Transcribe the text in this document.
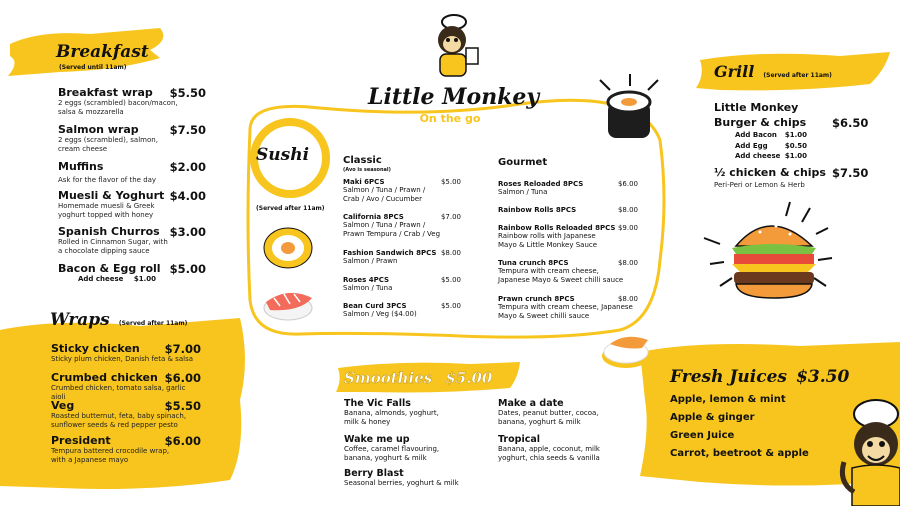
Breakfast
(Served until 11am)
Breakfast wrap	$5.50
2 eggs (scrambled) bacon/macon,
salsa & mozzarella
Salmon wrap	$7.50
2 eggs (scrambled), salmon,
cream cheese
Muffins	$2.00
Ask for the flavor of the day
Muesli & Yoghurt $4.00
Homemade muesli & Greek
yoghurt topped with honey
Spanish Churros $3.00
Rolled in Cinnamon Sugar, with
a chocolate dipping sauce
Bacon & Egg roll $5.00
Add cheese $1.00
Wraps (Served after 11am)
Sticky chicken	$7.00
Sticky plum chicken, Danish feta & salsa
Crumbed chicken $6.00
Crumbed chicken, tomato salsa, garlic aioli
Veg	$5.50
Roasted butternut, feta, baby spinach,
sunflower seeds & red pepper pesto
President	$6.00
Tempura battered crocodile wrap,
with a Japanese mayo
Little Monkey
On the go
Sushi
(Served after 11am)
Classic
(Avo is seasonal)
Maki 6PCS	$5.00
Salmon / Tuna / Prawn /
Crab / Avo / Cucumber
California 8PCS	$7.00
Salmon / Tuna / Prawn /
Prawn Tempura / Crab / Veg
Fashion Sandwich 8PCS $8.00
Salmon / Prawn
Roses 4PCS	$5.00
Salmon / Tuna
Bean Curd 3PCS	$5.00
Salmon / Veg ($4.00)
Gourmet
Roses Reloaded 8PCS	$6.00
Salmon / Tuna
Rainbow Rolls 8PCS	$8.00
Rainbow Rolls Reloaded 8PCS $9.00
Rainbow rolls with Japanese
Mayo & Little Monkey Sauce
Tuna crunch 8PCS	$8.00
Tempura with cream cheese,
Japanese Mayo & Sweet chilli sauce
Prawn crunch 8PCS	$8.00
Tempura with cream cheese, Japanese
Mayo & Sweet chilli sauce
Grill (Served after 11am)
Little Monkey
Burger & chips $6.50
Add Bacon $1.00
Add Egg $0.50
Add cheese $1.00
½ chicken & chips $7.50
Peri-Peri or Lemon & Herb
Smoothies $5.00
The Vic Falls
Banana, almonds, yoghurt,
milk & honey
Wake me up
Coffee, caramel flavouring,
banana, yoghurt & milk
Berry Blast
Seasonal berries, yoghurt & milk
Make a date
Dates, peanut butter, cocoa,
banana, yoghurt & milk
Tropical
Banana, apple, coconut, milk
yoghurt, chia seeds & vanilla
Fresh Juices $3.50
Apple, lemon & mint
Apple & ginger
Green Juice
Carrot, beetroot & apple
